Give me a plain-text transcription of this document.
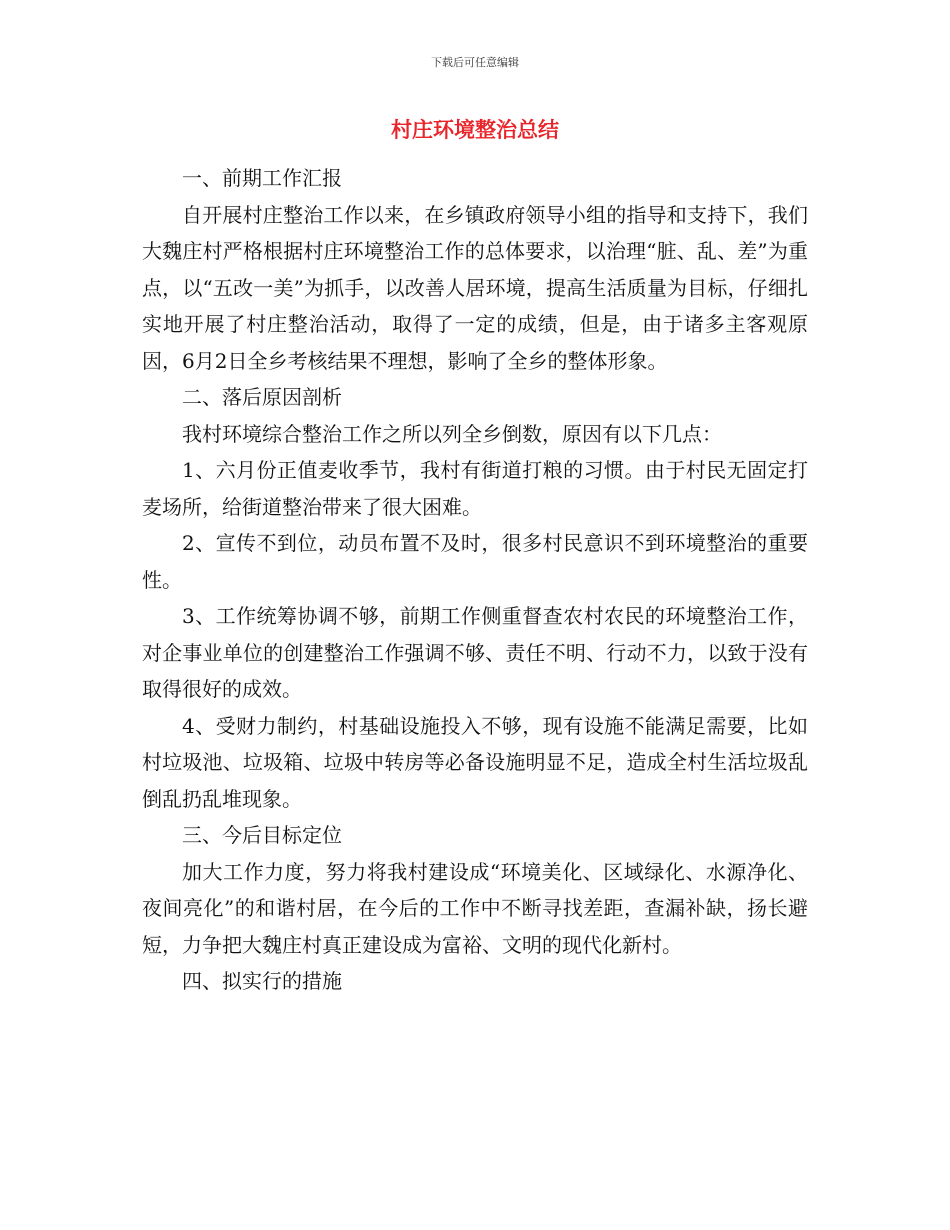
下载后可任意编辑
村庄环境整治总结

一、前期工作汇报

自开展村庄整治工作以来，在乡镇政府领导小组的指导和支持下，我们大魏庄村严格根据村庄环境整治工作的总体要求，以治理“脏、乱、差”为重点，以“五改一美”为抓手，以改善人居环境，提高生活质量为目标，仔细扎实地开展了村庄整治活动，取得了一定的成绩，但是，由于诸多主客观原因，6月2日全乡考核结果不理想，影响了全乡的整体形象。

二、落后原因剖析

我村环境综合整治工作之所以列全乡倒数，原因有以下几点：

1、六月份正值麦收季节，我村有街道打粮的习惯。由于村民无固定打麦场所，给街道整治带来了很大困难。

2、宣传不到位，动员布置不及时，很多村民意识不到环境整治的重要性。

3、工作统筹协调不够，前期工作侧重督查农村农民的环境整治工作，对企事业单位的创建整治工作强调不够、责任不明、行动不力，以致于没有取得很好的成效。

4、受财力制约，村基础设施投入不够，现有设施不能满足需要，比如村垃圾池、垃圾箱、垃圾中转房等必备设施明显不足，造成全村生活垃圾乱倒乱扔乱堆现象。

三、今后目标定位

加大工作力度，努力将我村建设成“环境美化、区域绿化、水源净化、夜间亮化”的和谐村居，在今后的工作中不断寻找差距，查漏补缺，扬长避短，力争把大魏庄村真正建设成为富裕、文明的现代化新村。

四、拟实行的措施
